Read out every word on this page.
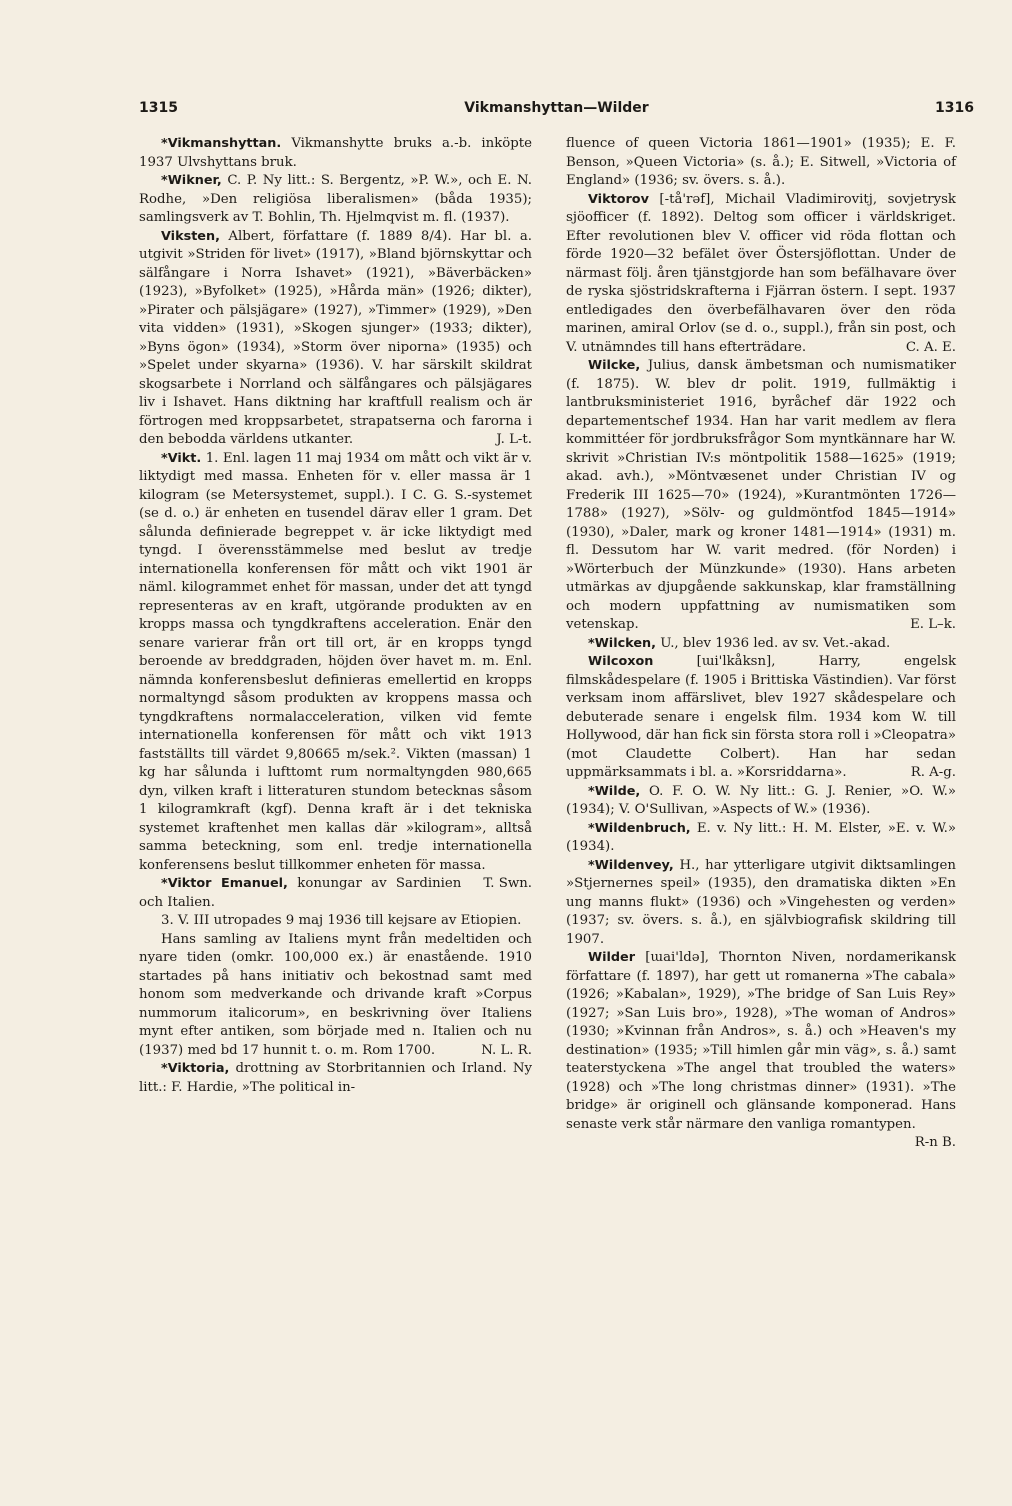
1315	Vikmanshyttan—Wilder	1316

*Vikmanshyttan. Vikmanshytte bruks a.-b. inköpte 1937 Ulvshyttans bruk.

*Wikner, C. P. Ny litt.: S. Bergentz, »P. W.», och E. N. Rodhe, »Den religiösa liberalismen» (båda 1935); samlingsverk av T. Bohlin, Th. Hjelmqvist m. fl. (1937).

Viksten, Albert, författare (f. 1889 8/4). Har bl. a. utgivit »Striden för livet» (1917), »Bland björnskyttar och sälfångare i Norra Ishavet» (1921), »Bäverbäcken» (1923), »Byfolket» (1925), »Hårda män» (1926; dikter), »Pirater och pälsjägare» (1927), »Timmer» (1929), »Den vita vidden» (1931), »Skogen sjunger» (1933; dikter), »Byns ögon» (1934), »Storm över niporna» (1935) och »Spelet under skyarna» (1936). V. har särskilt skildrat skogsarbete i Norrland och sälfångares och pälsjägares liv i Ishavet. Hans diktning har kraftfull realism och är förtrogen med kroppsarbetet, strapatserna och farorna i den bebodda världens utkanter.	J. L-t.

*Vikt. 1. Enl. lagen 11 maj 1934 om mått och vikt är v. liktydigt med massa. Enheten för v. eller massa är 1 kilogram (se Metersystemet, suppl.). I C. G. S.-systemet (se d. o.) är enheten en tusendel därav eller 1 gram. Det sålunda definierade begreppet v. är icke liktydigt med tyngd. I överensstämmelse med beslut av tredje internationella konferensen för mått och vikt 1901 är näml. kilogrammet enhet för massan, under det att tyngd representeras av en kraft, utgörande produkten av en kropps massa och tyngdkraftens acceleration. Enär den senare varierar från ort till ort, är en kropps tyngd beroende av breddgraden, höjden över havet m. m. Enl. nämnda konferensbeslut definieras emellertid en kropps normaltyngd såsom produkten av kroppens massa och tyngdkraftens normalacceleration, vilken vid femte internationella konferensen för mått och vikt 1913 fastställts till värdet 9,80665 m/sek.². Vikten (massan) 1 kg har sålunda i lufttomt rum normaltyngden 980,665 dyn, vilken kraft i litteraturen stundom betecknas såsom 1 kilogramkraft (kgf). Denna kraft är i det tekniska systemet kraftenhet men kallas där »kilogram», alltså samma beteckning, som enl. tredje internationella konferensens beslut tillkommer enheten för massa.
T. Swn.

*Viktor Emanuel, konungar av Sardinien och Italien.

3. V. III utropades 9 maj 1936 till kejsare av Etiopien.

Hans samling av Italiens mynt från medeltiden och nyare tiden (omkr. 100,000 ex.) är enastående. 1910 startades på hans initiativ och bekostnad samt med honom som medverkande och drivande kraft »Corpus nummorum italicorum», en beskrivning över Italiens mynt efter antiken, som började med n. Italien och nu (1937) med bd 17 hunnit t. o. m. Rom 1700.	N. L. R.

*Viktoria, drottning av Storbritannien och Irland. Ny litt.: F. Hardie, »The political in-

fluence of queen Victoria 1861—1901» (1935); E. F. Benson, »Queen Victoria» (s. å.); E. Sitwell, »Victoria of England» (1936; sv. övers. s. å.).

Viktorov [-tå'rəf], Michail Vladimirovitj, sovjetrysk sjöofficer (f. 1892). Deltog som officer i världskriget. Efter revolutionen blev V. officer vid röda flottan och förde 1920—32 befälet över Östersjöflottan. Under de närmast följ. åren tjänstgjorde han som befälhavare över de ryska sjöstridskrafterna i Fjärran östern. I sept. 1937 entledigades den överbefälhavaren över den röda marinen, amiral Orlov (se d. o., suppl.), från sin post, och V. utnämndes till hans efterträdare.	C. A. E.

Wilcke, Julius, dansk ämbetsman och numismatiker (f. 1875). W. blev dr polit. 1919, fullmäktig i lantbruksministeriet 1916, byråchef där 1922 och departementschef 1934. Han har varit medlem av flera kommittéer för jordbruksfrågor Som myntkännare har W. skrivit »Christian IV:s möntpolitik 1588—1625» (1919; akad. avh.), »Möntvæsenet under Christian IV og Frederik III 1625—70» (1924), »Kurantmönten 1726—1788» (1927), »Sölv- og guldmöntfod 1845—1914» (1930), »Daler, mark og kroner 1481—1914» (1931) m. fl. Dessutom har W. varit medred. (för Norden) i »Wörterbuch der Münzkunde» (1930). Hans arbeten utmärkas av djupgående sakkunskap, klar framställning och modern uppfattning av numismatiken som vetenskap.	E. L–k.

*Wilcken, U., blev 1936 led. av sv. Vet.-akad.

Wilcoxon [ɯi'lkåksn], Harry, engelsk filmskådespelare (f. 1905 i Brittiska Västindien). Var först verksam inom affärslivet, blev 1927 skådespelare och debuterade senare i engelsk film. 1934 kom W. till Hollywood, där han fick sin första stora roll i »Cleopatra» (mot Claudette Colbert). Han har sedan uppmärksammats i bl. a. »Korsriddarna».	R. A-g.

*Wilde, O. F. O. W. Ny litt.: G. J. Renier, »O. W.» (1934); V. O'Sullivan, »Aspects of W.» (1936).

*Wildenbruch, E. v. Ny litt.: H. M. Elster, »E. v. W.» (1934).

*Wildenvey, H., har ytterligare utgivit diktsamlingen »Stjernernes speil» (1935), den dramatiska dikten »En ung manns flukt» (1936) och »Vingehesten og verden» (1937; sv. övers. s. å.), en självbiografisk skildring till 1907.

Wilder [ɯai'ldə], Thornton Niven, nordamerikansk författare (f. 1897), har gett ut romanerna »The cabala» (1926; »Kabalan», 1929), »The bridge of San Luis Rey» (1927; »San Luis bro», 1928), »The woman of Andros» (1930; »Kvinnan från Andros», s. å.) och »Heaven's my destination» (1935; »Till himlen går min väg», s. å.) samt teaterstyckena »The angel that troubled the waters» (1928) och »The long christmas dinner» (1931). »The bridge» är originell och glänsande komponerad. Hans senaste verk står närmare den vanliga romantypen.
R-n B.
